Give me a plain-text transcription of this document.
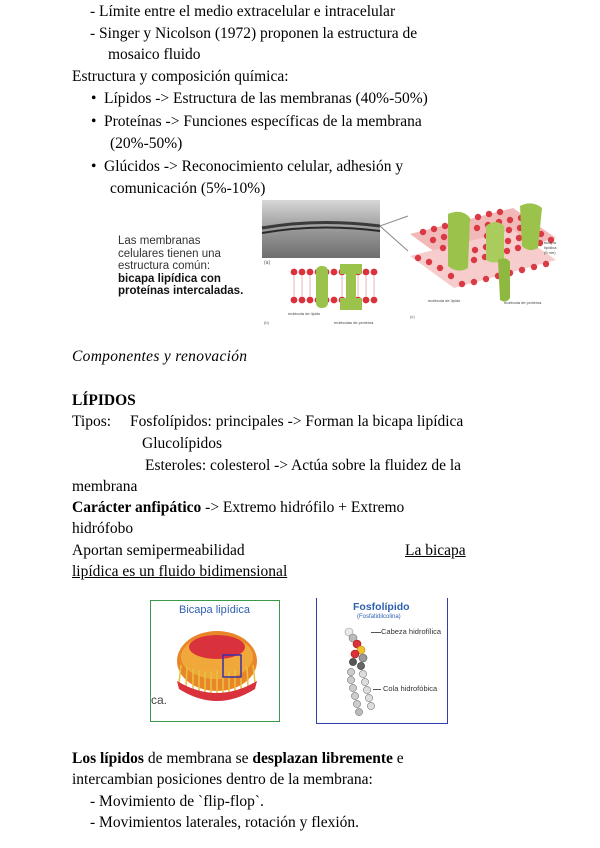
- Límite entre el medio extracelular e intracelular
- Singer y Nicolson (1972) proponen la estructura de
mosaico fluido
Estructura y composición química:
• Lípidos -> Estructura de las membranas (40%-50%)
• Proteínas -> Funciones específicas de la membrana
(20%-50%)
• Glúcidos -> Reconocimiento celular, adhesión y
comunicación (5%-10%)
Las membranas
celulares tienen una
estructura común:
bicapa lipídica con
proteínas intercaladas.
(a)
molécula de lípido
moléculas de proteína
(b)
bicapa
lipídica
(5 nm)
molécula de lípido	molécula de proteína
(c)
Componentes y renovación
LÍPIDOS
Tipos: Fosfolípidos: principales -> Forman la bicapa lipídica
Glucolípidos
Esteroles: colesterol -> Actúa sobre la fluidez de la
membrana
Carácter anfipático -> Extremo hidrófilo + Extremo
hidrófobo
Aportan semipermeabilidad	La bicapa
lipídica es un fluido bidimensional
Bicapa lipídica
ca.
Fosfolípido
(Fosfatidilcolina)
Cabeza hidrofílica
Cola hidrofóbica
Los lípidos de membrana se desplazan libremente e
intercambian posiciones dentro de la membrana:
- Movimiento de `flip-flop`.
- Movimientos laterales, rotación y flexión.
